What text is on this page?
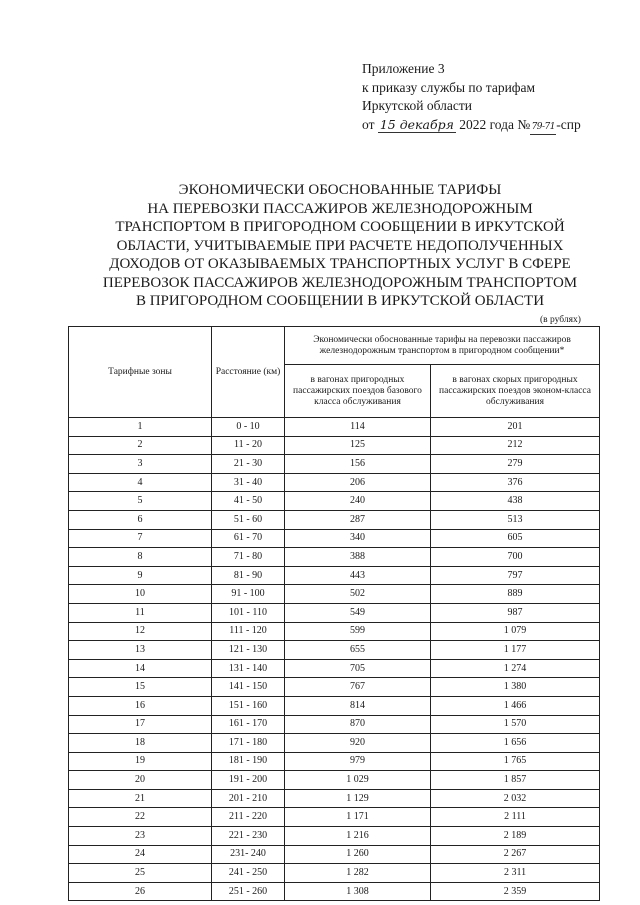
Приложение 3
к приказу службы по тарифам
Иркутской области
от 15 декабря 2022 года №79-71-спр
ЭКОНОМИЧЕСКИ ОБОСНОВАННЫЕ ТАРИФЫ
НА ПЕРЕВОЗКИ ПАССАЖИРОВ ЖЕЛЕЗНОДОРОЖНЫМ
ТРАНСПОРТОМ В ПРИГОРОДНОМ СООБЩЕНИИ В ИРКУТСКОЙ
ОБЛАСТИ, УЧИТЫВАЕМЫЕ ПРИ РАСЧЕТЕ НЕДОПОЛУЧЕННЫХ
ДОХОДОВ ОТ ОКАЗЫВАЕМЫХ ТРАНСПОРТНЫХ УСЛУГ В СФЕРЕ
ПЕРЕВОЗОК ПАССАЖИРОВ ЖЕЛЕЗНОДОРОЖНЫМ ТРАНСПОРТОМ
В ПРИГОРОДНОМ СООБЩЕНИИ В ИРКУТСКОЙ ОБЛАСТИ
(в рублях)
Тарифные зоны	Расстояние (км)	Экономически обоснованные тарифы на перевозки пассажиров железнодорожным транспортом в пригородном сообщении*	
		в вагонах пригородных пассажирских поездов базового класса обслуживания	в вагонах скорых пригородных пассажирских поездов эконом-класса обслуживания
1	0 - 10	114	201
2	11 - 20	125	212
3	21 - 30	156	279
4	31 - 40	206	376
5	41 - 50	240	438
6	51 - 60	287	513
7	61 - 70	340	605
8	71 - 80	388	700
9	81 - 90	443	797
10	91 - 100	502	889
11	101 - 110	549	987
12	111 - 120	599	1 079
13	121 - 130	655	1 177
14	131 - 140	705	1 274
15	141 - 150	767	1 380
16	151 - 160	814	1 466
17	161 - 170	870	1 570
18	171 - 180	920	1 656
19	181 - 190	979	1 765
20	191 - 200	1 029	1 857
21	201 - 210	1 129	2 032
22	211 - 220	1 171	2 111
23	221 - 230	1 216	2 189
24	231- 240	1 260	2 267
25	241 - 250	1 282	2 311
26	251 - 260	1 308	2 359
